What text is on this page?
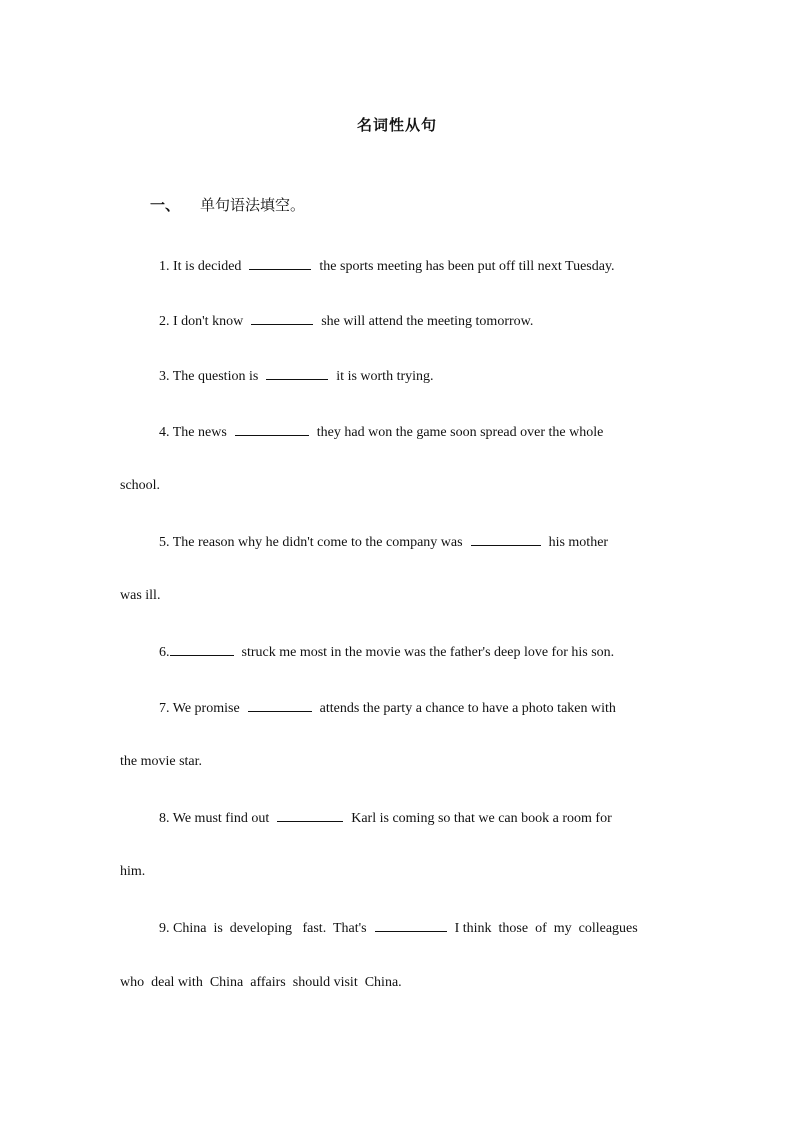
名词性从句
一、 单句语法填空。
1. It is decided	the sports meeting has been put off till next Tuesday.
2. I don't know	she will attend the meeting tomorrow.
3. The question is	it is worth trying.
4. The news	they had won the game soon spread over the whole
school.
5. The reason why he didn't come to the company was	his mother
was ill.
6.	struck me most in the movie was the father's deep love for his son.
7. We promise	attends the party a chance to have a photo taken with
the movie star.
8. We must find out	Karl is coming so that we can book a room for
him.
9. China  is  developing   fast.  That's	I think  those  of  my  colleagues
who  deal with  China  affairs  should visit  China.
